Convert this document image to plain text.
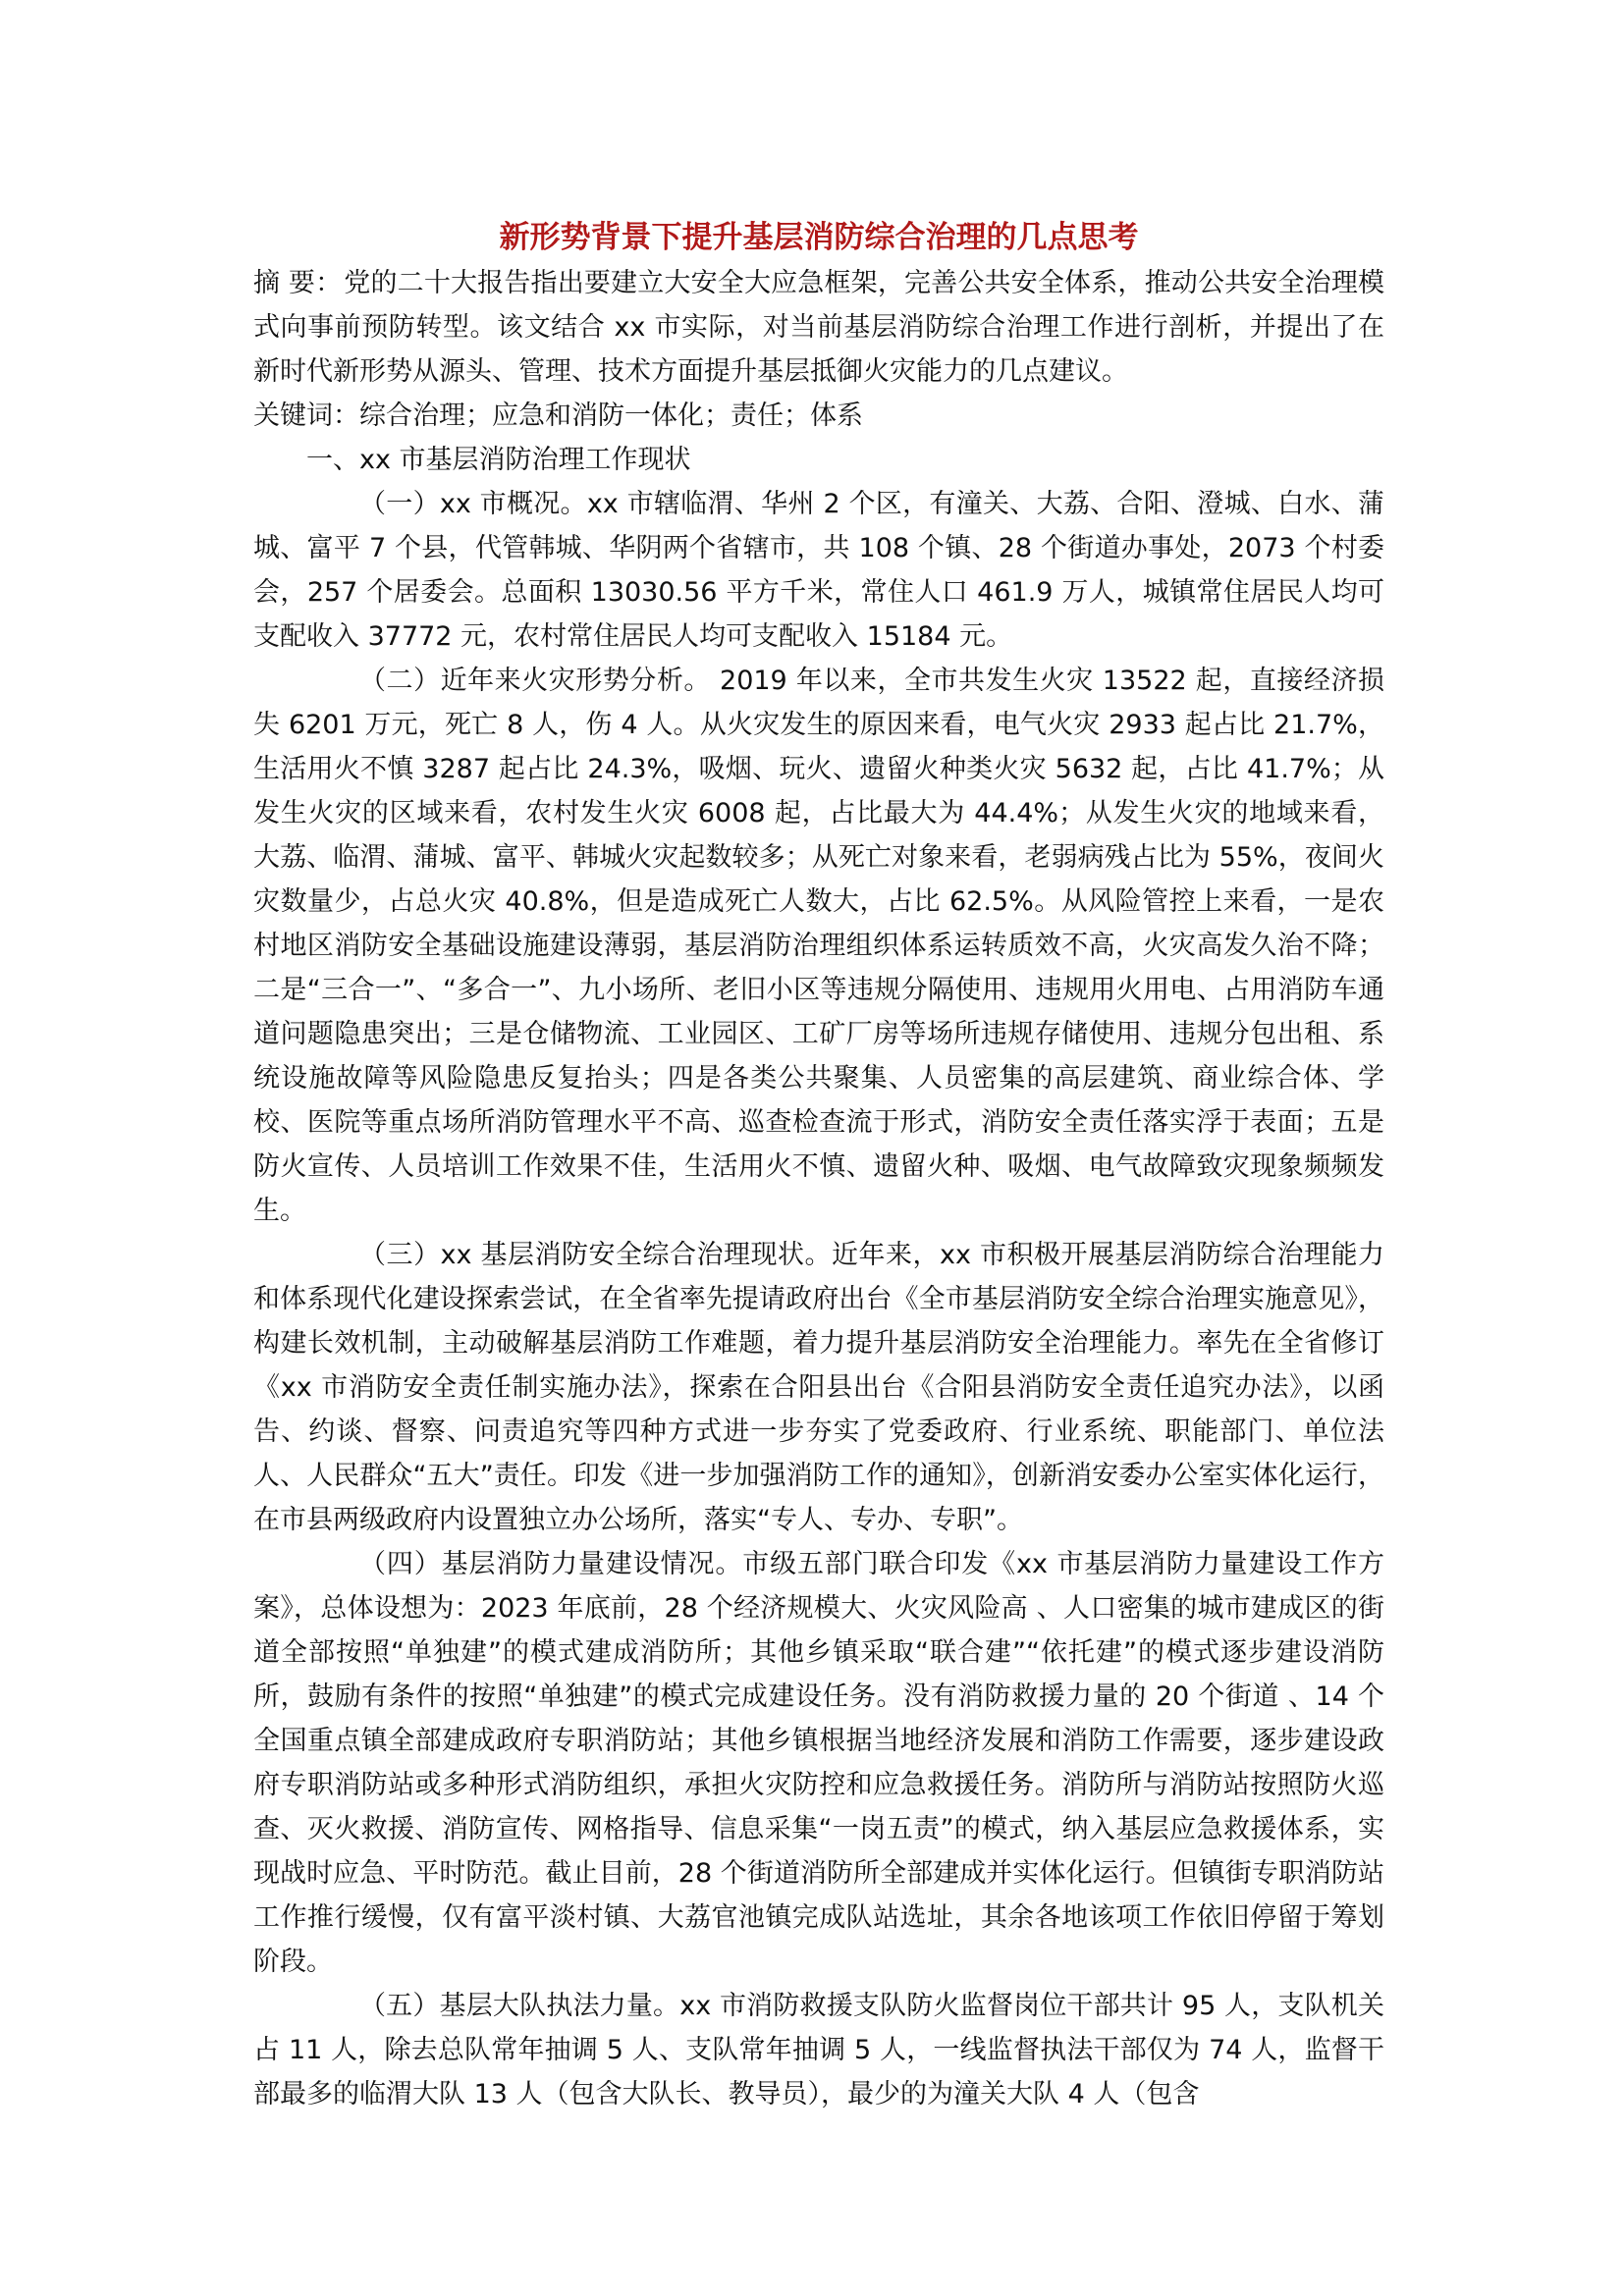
新形势背景下提升基层消防综合治理的几点思考

摘 要：党的二十大报告指出要建立大安全大应急框架，完善公共安全体系，推动公共安全治理模式向事前预防转型。该文结合 xx 市实际，对当前基层消防综合治理工作进行剖析，并提出了在新时代新形势从源头、管理、技术方面提升基层抵御火灾能力的几点建议。

关键词：综合治理；应急和消防一体化；责任；体系

一、xx 市基层消防治理工作现状

（一）xx 市概况。xx 市辖临渭、华州 2 个区，有潼关、大荔、合阳、澄城、白水、蒲城、富平 7 个县，代管韩城、华阴两个省辖市，共 108 个镇、28 个街道办事处，2073 个村委会，257 个居委会。总面积 13030.56 平方千米，常住人口 461.9 万人，城镇常住居民人均可支配收入 37772 元，农村常住居民人均可支配收入 15184 元。

（二）近年来火灾形势分析。 2019 年以来，全市共发生火灾 13522 起，直接经济损失 6201 万元，死亡 8 人，伤 4 人。从火灾发生的原因来看，电气火灾 2933 起占比 21.7%，生活用火不慎 3287 起占比 24.3%，吸烟、玩火、遗留火种类火灾 5632 起，占比 41.7%；从发生火灾的区域来看，农村发生火灾 6008 起，占比最大为 44.4%；从发生火灾的地域来看，大荔、临渭、蒲城、富平、韩城火灾起数较多；从死亡对象来看，老弱病残占比为 55%，夜间火灾数量少，占总火灾 40.8%，但是造成死亡人数大，占比 62.5%。从风险管控上来看，一是农村地区消防安全基础设施建设薄弱，基层消防治理组织体系运转质效不高，火灾高发久治不降；二是“三合一”、“多合一”、九小场所、老旧小区等违规分隔使用、违规用火用电、占用消防车通道问题隐患突出；三是仓储物流、工业园区、工矿厂房等场所违规存储使用、违规分包出租、系统设施故障等风险隐患反复抬头；四是各类公共聚集、人员密集的高层建筑、商业综合体、学校、医院等重点场所消防管理水平不高、巡查检查流于形式，消防安全责任落实浮于表面；五是防火宣传、人员培训工作效果不佳，生活用火不慎、遗留火种、吸烟、电气故障致灾现象频频发生。

（三）xx 基层消防安全综合治理现状。近年来，xx 市积极开展基层消防综合治理能力和体系现代化建设探索尝试，在全省率先提请政府出台《全市基层消防安全综合治理实施意见》，构建长效机制，主动破解基层消防工作难题，着力提升基层消防安全治理能力。率先在全省修订《xx 市消防安全责任制实施办法》，探索在合阳县出台《合阳县消防安全责任追究办法》，以函告、约谈、督察、问责追究等四种方式进一步夯实了党委政府、行业系统、职能部门、单位法人、人民群众“五大”责任。印发《进一步加强消防工作的通知》，创新消安委办公室实体化运行，在市县两级政府内设置独立办公场所，落实“专人、专办、专职”。

（四）基层消防力量建设情况。市级五部门联合印发《xx 市基层消防力量建设工作方案》，总体设想为：2023 年底前，28 个经济规模大、火灾风险高 、人口密集的城市建成区的街道全部按照“单独建”的模式建成消防所；其他乡镇采取“联合建”“依托建”的模式逐步建设消防所，鼓励有条件的按照“单独建”的模式完成建设任务。没有消防救援力量的 20 个街道 、14 个全国重点镇全部建成政府专职消防站；其他乡镇根据当地经济发展和消防工作需要，逐步建设政府专职消防站或多种形式消防组织，承担火灾防控和应急救援任务。消防所与消防站按照防火巡查、灭火救援、消防宣传、网格指导、信息采集“一岗五责”的模式，纳入基层应急救援体系，实现战时应急、平时防范。截止目前，28 个街道消防所全部建成并实体化运行。但镇街专职消防站工作推行缓慢，仅有富平淡村镇、大荔官池镇完成队站选址，其余各地该项工作依旧停留于筹划阶段。

（五）基层大队执法力量。xx 市消防救援支队防火监督岗位干部共计 95 人，支队机关占 11 人，除去总队常年抽调 5 人、支队常年抽调 5 人，一线监督执法干部仅为 74 人，监督干部最多的临渭大队 13 人（包含大队长、教导员），最少的为潼关大队 4 人（包含
